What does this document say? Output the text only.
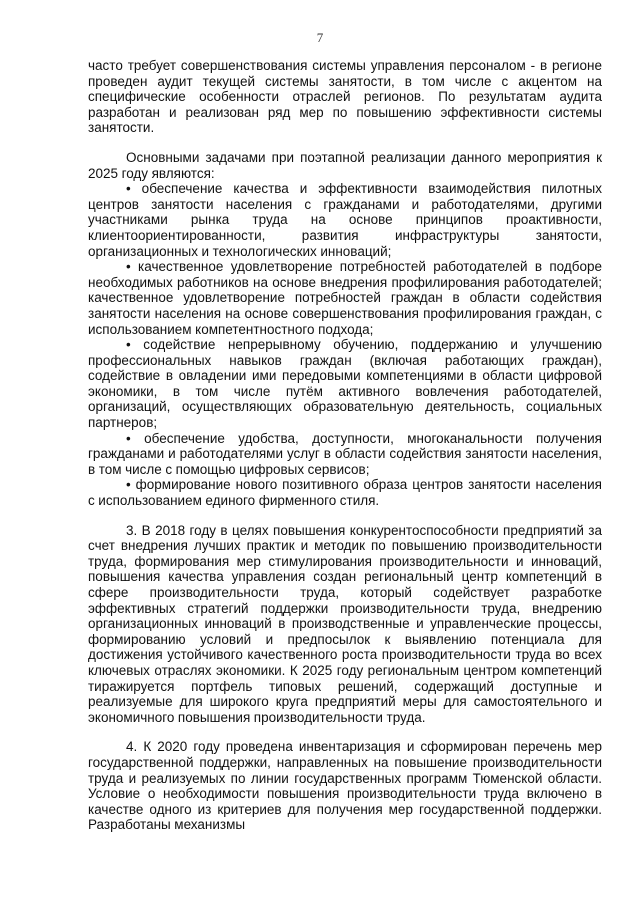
7

часто требует совершенствования системы управления персоналом - в регионе проведен аудит текущей системы занятости, в том числе с акцентом на специфические особенности отраслей регионов. По результатам аудита разработан и реализован ряд мер по повышению эффективности системы занятости.

Основными задачами при поэтапной реализации данного мероприятия к 2025 году являются:

• обеспечение качества и эффективности взаимодействия пилотных центров занятости населения с гражданами и работодателями, другими участниками рынка труда на основе принципов проактивности, клиентоориентированности, развития инфраструктуры занятости, организационных и технологических инноваций;

• качественное удовлетворение потребностей работодателей в подборе необходимых работников на основе внедрения профилирования работодателей; качественное удовлетворение потребностей граждан в области содействия занятости населения на основе совершенствования профилирования граждан, с использованием компетентностного подхода;

• содействие непрерывному обучению, поддержанию и улучшению профессиональных навыков граждан (включая работающих граждан), содействие в овладении ими передовыми компетенциями в области цифровой экономики, в том числе путём активного вовлечения работодателей, организаций, осуществляющих образовательную деятельность, социальных партнеров;

• обеспечение удобства, доступности, многоканальности получения гражданами и работодателями услуг в области содействия занятости населения, в том числе с помощью цифровых сервисов;

• формирование нового позитивного образа центров занятости населения с использованием единого фирменного стиля.

3. В 2018 году в целях повышения конкурентоспособности предприятий за счет внедрения лучших практик и методик по повышению производительности труда, формирования мер стимулирования производительности и инноваций, повышения качества управления создан региональный центр компетенций в сфере производительности труда, который содействует разработке эффективных стратегий поддержки производительности труда, внедрению организационных инноваций в производственные и управленческие процессы, формированию условий и предпосылок к выявлению потенциала для достижения устойчивого качественного роста производительности труда во всех ключевых отраслях экономики. К 2025 году региональным центром компетенций тиражируется портфель типовых решений, содержащий доступные и реализуемые для широкого круга предприятий меры для самостоятельного и экономичного повышения производительности труда.

4. К 2020 году проведена инвентаризация и сформирован перечень мер государственной поддержки, направленных на повышение производительности труда и реализуемых по линии государственных программ Тюменской области. Условие о необходимости повышения производительности труда включено в качестве одного из критериев для получения мер государственной поддержки. Разработаны механизмы
